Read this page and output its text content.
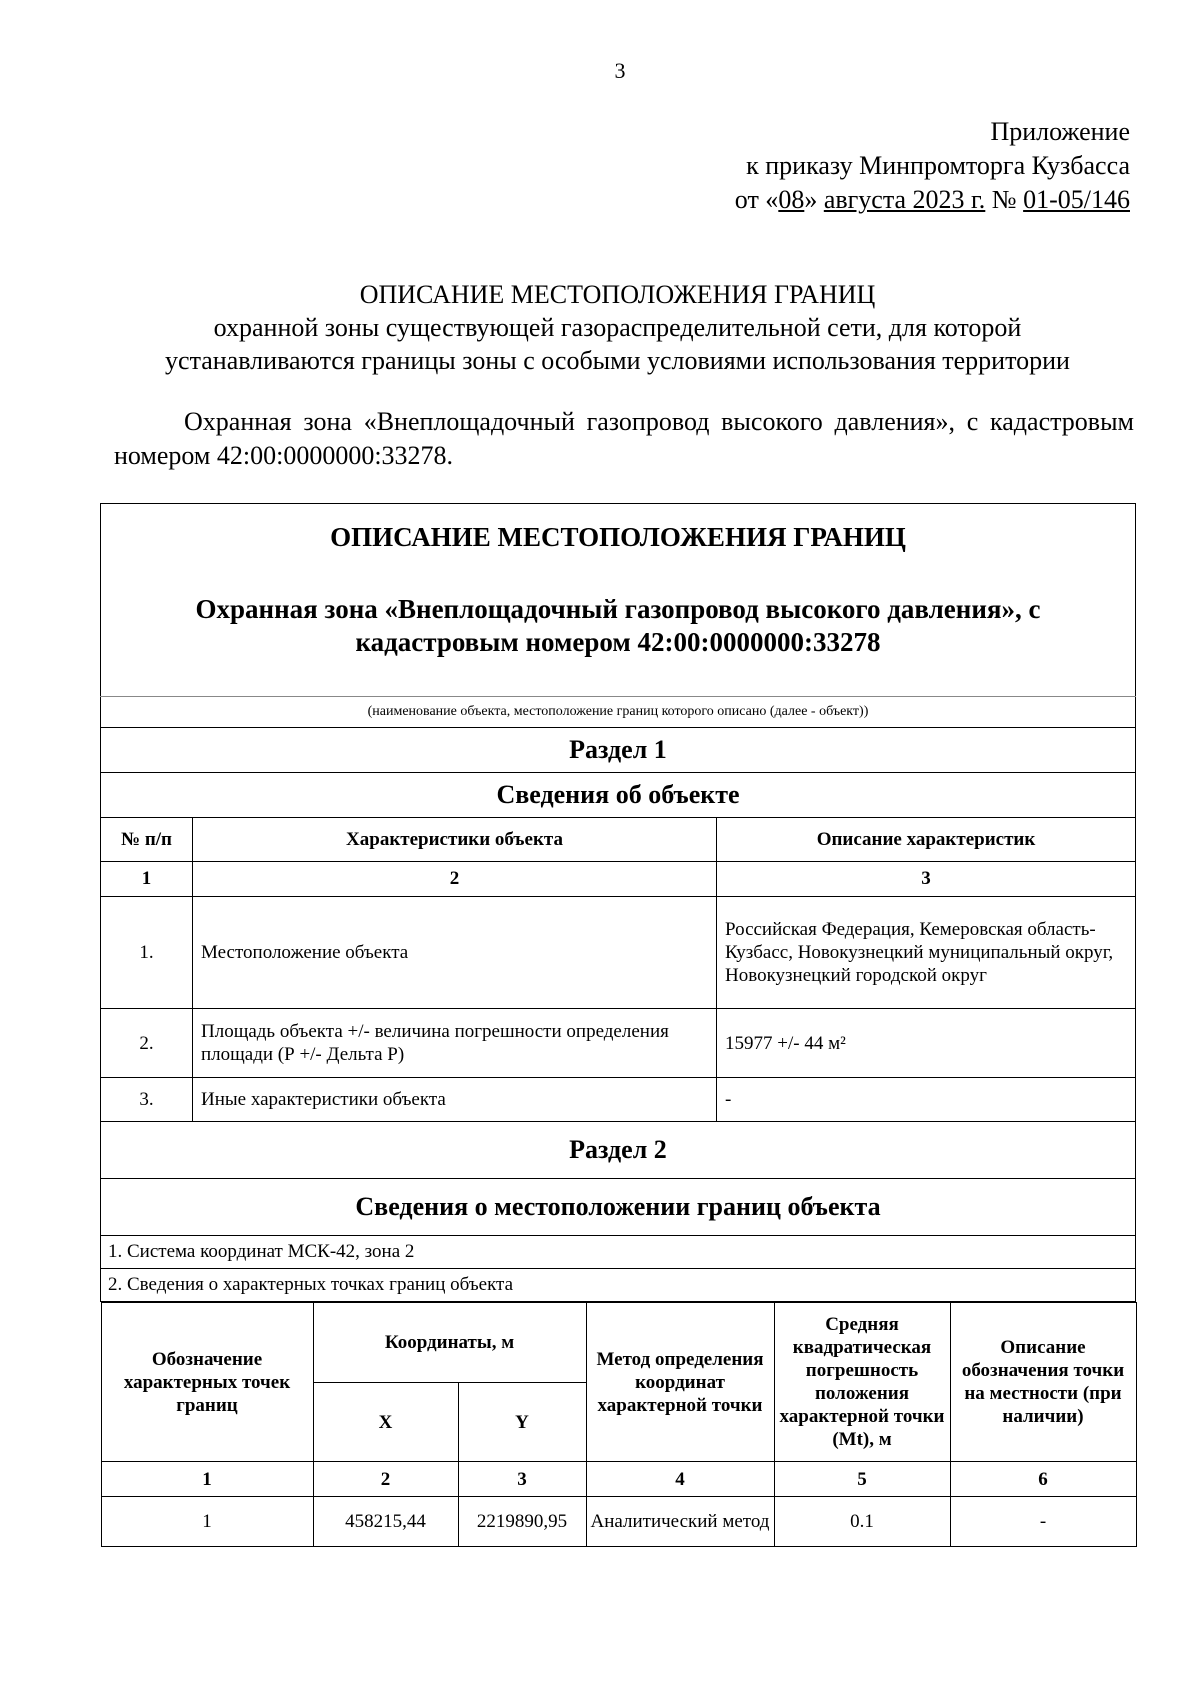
3
Приложение
к приказу Минпромторга Кузбасса
от «08» августа 2023 г. № 01-05/146
ОПИСАНИЕ МЕСТОПОЛОЖЕНИЯ ГРАНИЦ
охранной зоны существующей газораспределительной сети, для которой
устанавливаются границы зоны с особыми условиями использования территории

Охранная зона «Внеплощадочный газопровод высокого давления», с кадастровым номером 42:00:0000000:33278.

ОПИСАНИЕ МЕСТОПОЛОЖЕНИЯ ГРАНИЦ
Охранная зона «Внеплощадочный газопровод высокого давления», с
кадастровым номером 42:00:0000000:33278

(наименование объекта, местоположение границ которого описано (далее - объект))
Раздел 1
Сведения об объекте
№ п/п	Характеристики объекта	Описание характеристик
1	2	3
1.	Местоположение объекта	Российская Федерация, Кемеровская область-Кузбасс, Новокузнецкий муниципальный округ, Новокузнецкий городской округ
2.	Площадь объекта +/- величина погрешности определения площади (Р +/- Дельта Р)	15977 +/- 44 м²
3.	Иные характеристики объекта	-
Раздел 2
Сведения о местоположении границ объекта
1. Система координат МСК-42, зона 2
2. Сведения о характерных точках границ объекта

Обозначение характерных точек границ	Координаты, м	Метод определения координат характерной точки	Средняя квадратическая погрешность положения характерной точки (Mt), м	Описание обозначения точки на местности (при наличии)
X	Y
1	2	3	4	5	6
1	458215,44	2219890,95	Аналитический метод	0.1	-
